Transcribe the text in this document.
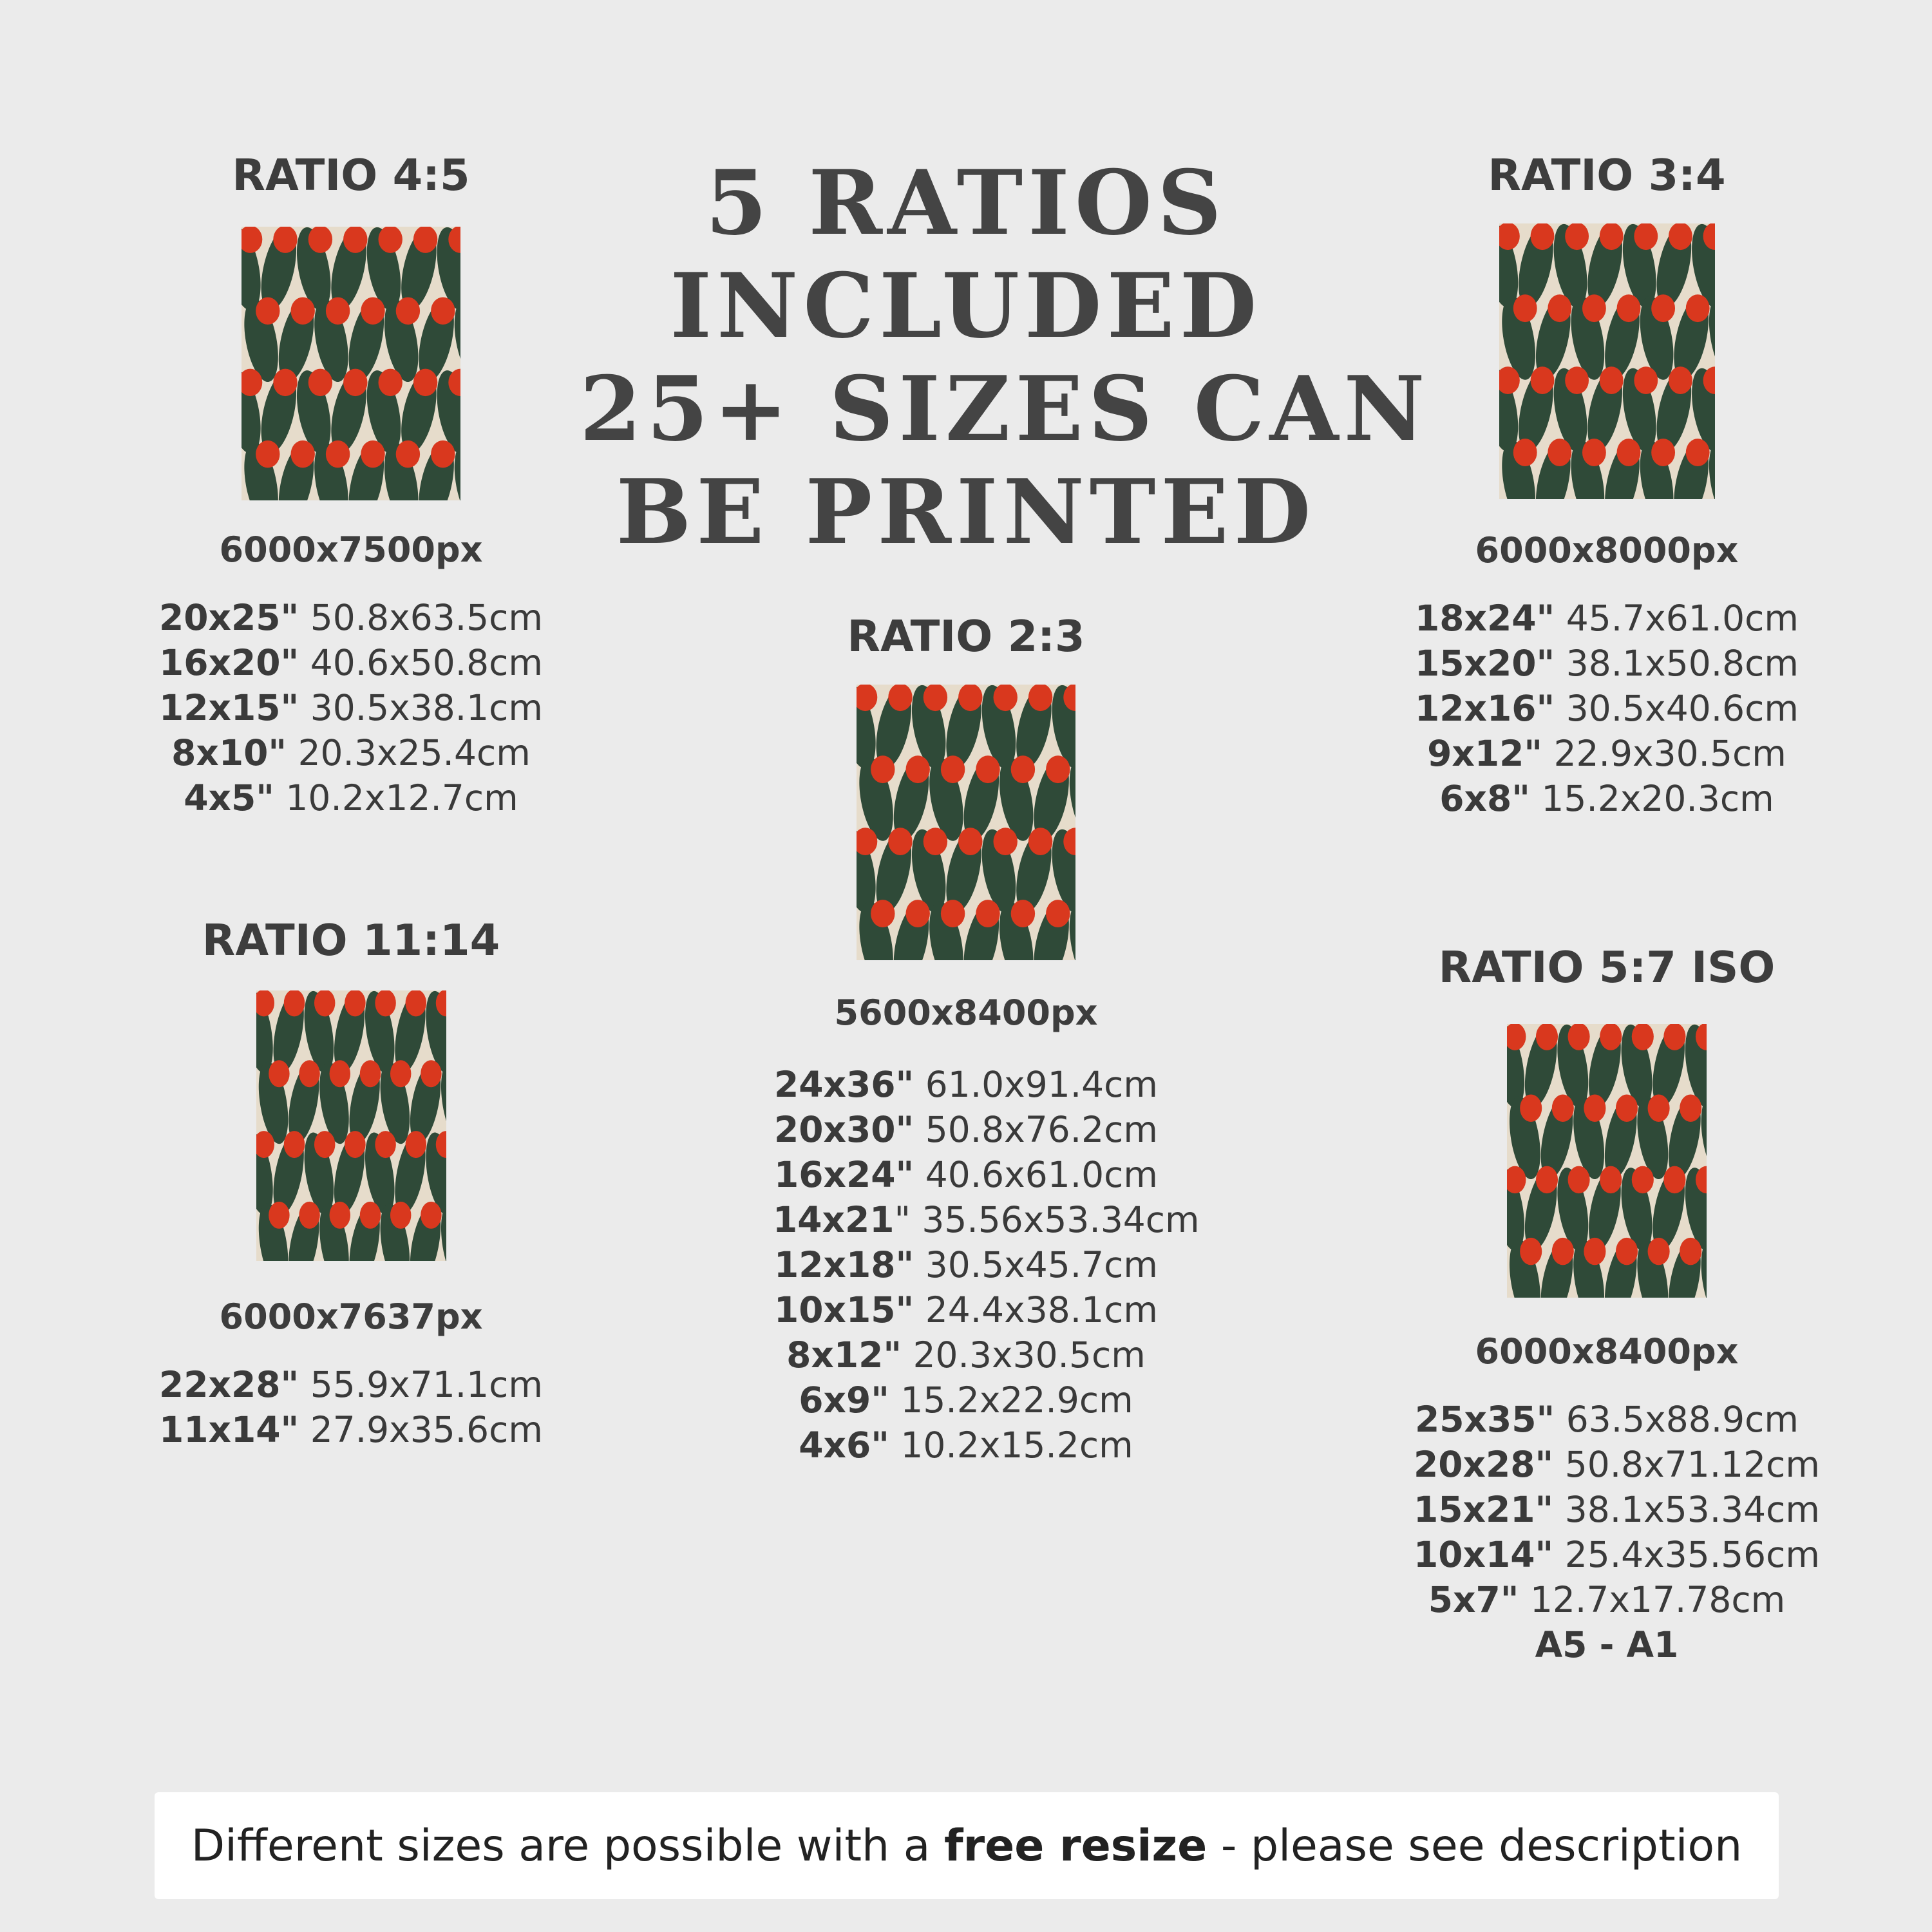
5 RATIOS
INCLUDED
25+ SIZES CAN
BE PRINTED
RATIO 4:5
6000x7500px
20x25" 50.8x63.5cm
16x20" 40.6x50.8cm
12x15" 30.5x38.1cm
8x10" 20.3x25.4cm
4x5" 10.2x12.7cm
RATIO 3:4
6000x8000px
18x24" 45.7x61.0cm
15x20" 38.1x50.8cm
12x16" 30.5x40.6cm
9x12" 22.9x30.5cm
6x8" 15.2x20.3cm
RATIO 2:3
5600x8400px
24x36" 61.0x91.4cm
20x30" 50.8x76.2cm
16x24" 40.6x61.0cm
14x21" 35.56x53.34cm
12x18" 30.5x45.7cm
10x15" 24.4x38.1cm
8x12" 20.3x30.5cm
6x9" 15.2x22.9cm
4x6" 10.2x15.2cm
RATIO 11:14
6000x7637px
22x28" 55.9x71.1cm
11x14" 27.9x35.6cm
RATIO 5:7 ISO
6000x8400px
25x35" 63.5x88.9cm
20x28" 50.8x71.12cm
15x21" 38.1x53.34cm
10x14" 25.4x35.56cm
5x7" 12.7x17.78cm
A5 - A1
Different sizes are possible with a free resize - please see description
